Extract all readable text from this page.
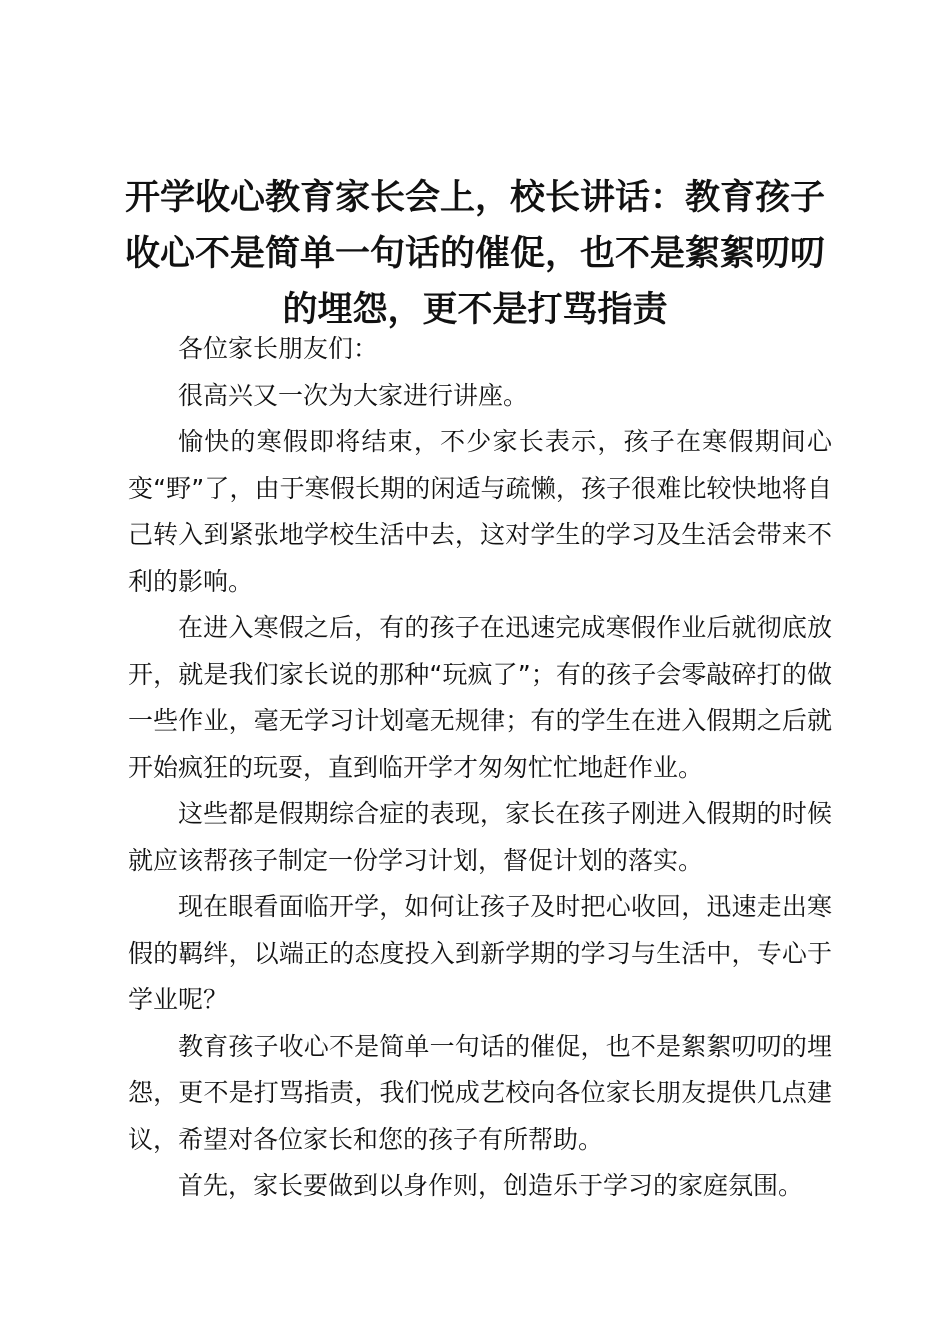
开学收心教育家长会上，校长讲话：教育孩子收心不是简单一句话的催促，也不是絮絮叨叨的埋怨，更不是打骂指责

各位家长朋友们：

很高兴又一次为大家进行讲座。

愉快的寒假即将结束，不少家长表示，孩子在寒假期间心变“野”了，由于寒假长期的闲适与疏懒，孩子很难比较快地将自己转入到紧张地学校生活中去，这对学生的学习及生活会带来不利的影响。

在进入寒假之后，有的孩子在迅速完成寒假作业后就彻底放开，就是我们家长说的那种“玩疯了”；有的孩子会零敲碎打的做一些作业，毫无学习计划毫无规律；有的学生在进入假期之后就开始疯狂的玩耍，直到临开学才匆匆忙忙地赶作业。

这些都是假期综合症的表现，家长在孩子刚进入假期的时候就应该帮孩子制定一份学习计划，督促计划的落实。

现在眼看面临开学，如何让孩子及时把心收回，迅速走出寒假的羁绊，以端正的态度投入到新学期的学习与生活中，专心于学业呢？

教育孩子收心不是简单一句话的催促，也不是絮絮叨叨的埋怨，更不是打骂指责，我们悦成艺校向各位家长朋友提供几点建议，希望对各位家长和您的孩子有所帮助。

首先，家长要做到以身作则，创造乐于学习的家庭氛围。
